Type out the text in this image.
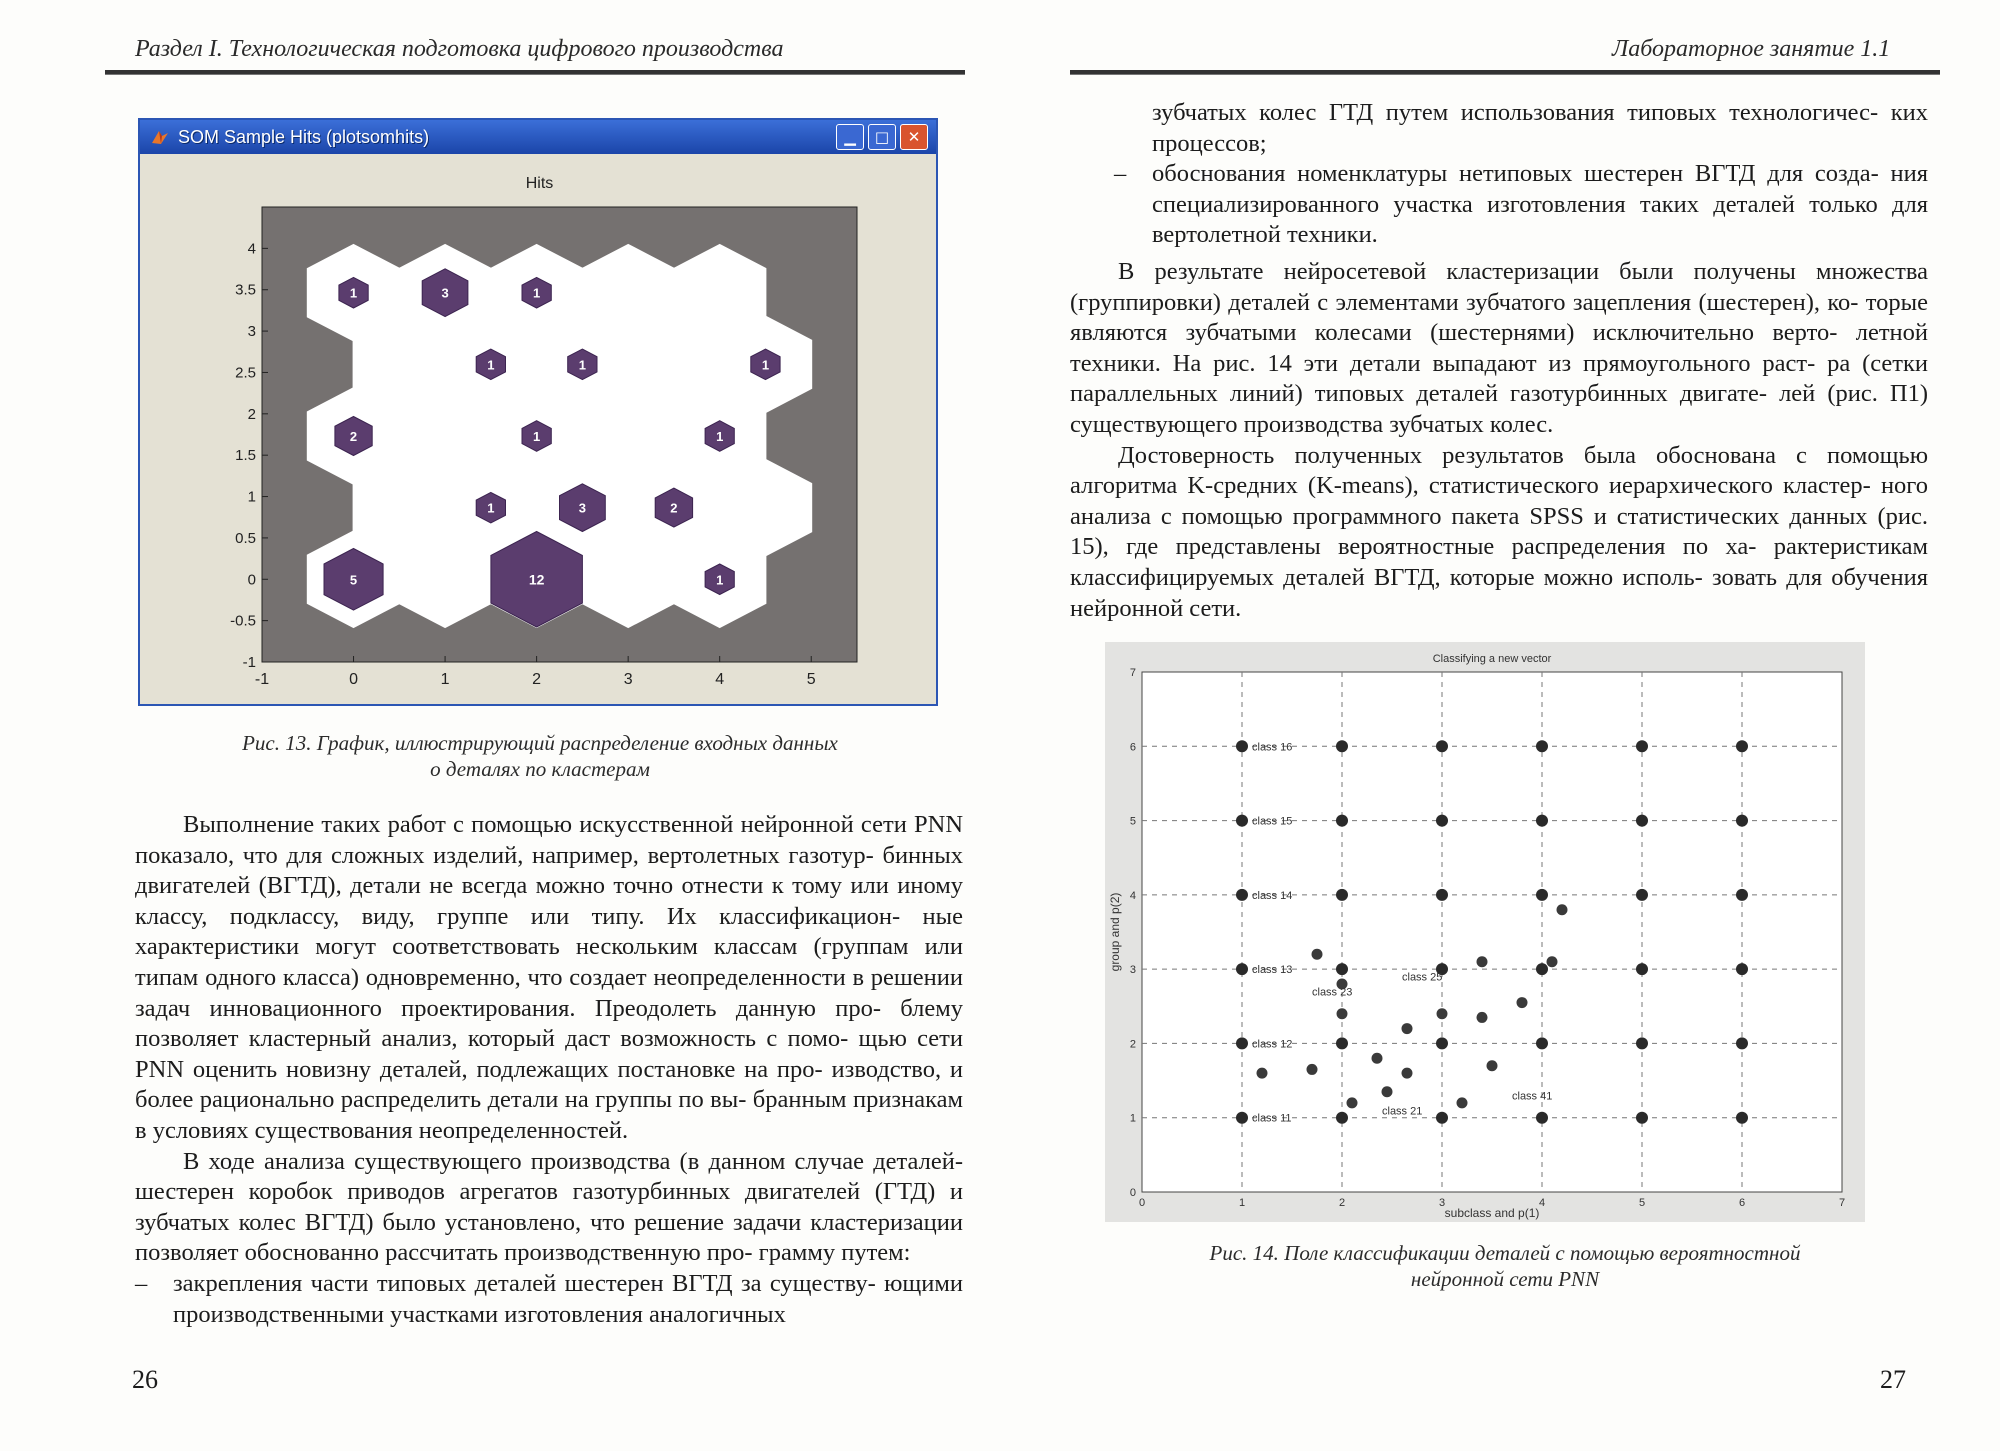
Раздел I. Технологическая подготовка цифрового производства
SOM Sample Hits (plotsomhits)	▁	□	✕
Hits
5	12	1
1	3	2
2	1	1
1	1	1
1	3	1
-1	0	1	2	3	4	5
4
3.5
3
2.5
2
1.5
1
0.5
0
-0.5
-1
Рис. 13. График, иллюстрирующий распределение входных данных
о деталях по кластерам

Выполнение таких работ с помощью искусственной нейронной сети PNN показало, что для сложных изделий, например, вертолетных газотур- бинных двигателей (ВГТД), детали не всегда можно точно отнести к тому или иному классу, подклассу, виду, группе или типу. Их классификацион- ные характеристики могут соответствовать нескольким классам (группам или типам одного класса) одновременно, что создает неопределенности в решении задач инновационного проектирования. Преодолеть данную про- блему позволяет кластерный анализ, который даст возможность с помо- щью сети PNN оценить новизну деталей, подлежащих постановке на про- изводство, и более рационально распределить детали на группы по вы- бранным признакам в условиях существования неопределенностей.

В ходе анализа существующего производства (в данном случае деталей-шестерен коробок приводов агрегатов газотурбинных двигателей (ГТД) и зубчатых колес ВГТД) было установлено, что решение задачи кластеризации позволяет обоснованно рассчитать производственную про- грамму путем:

– закрепления части типовых деталей шестерен ВГТД за существу- ющими производственными участками изготовления аналогичных
26
Лабораторное занятие 1.1
зубчатых колес ГТД путем использования типовых технологичес- ких процессов;
– обоснования номенклатуры нетиповых шестерен ВГТД для созда- ния специализированного участка изготовления таких деталей только для вертолетной техники.

В результате нейросетевой кластеризации были получены множества (группировки) деталей с элементами зубчатого зацепления (шестерен), ко- торые являются зубчатыми колесами (шестернями) исключительно верто- летной техники. На рис. 14 эти детали выпадают из прямоугольного раст- ра (сетки параллельных линий) типовых деталей газотурбинных двигате- лей (рис. П1) существующего производства зубчатых колес.

Достоверность полученных результатов была обоснована с помощью алгоритма K-средних (K-means), статистического иерархического кластер- ного анализа с помощью программного пакета SPSS и статистических данных (рис. 15), где представлены вероятностные распределения по ха- рактеристикам классифицируемых деталей ВГТД, которые можно исполь- зовать для обучения нейронной сети.

Рис. 14. Поле классификации деталей с помощью вероятностной
нейронной сети PNN
27
Classifying a new vector
0	1	2	3	4	5	6	7
7
6
5
4
3
2
1
0
class 16
class 15
class 14
class 13
class 23
class 25
class 12
class 11
class 21
class 41
subclass and p(1)
group and p(2)
